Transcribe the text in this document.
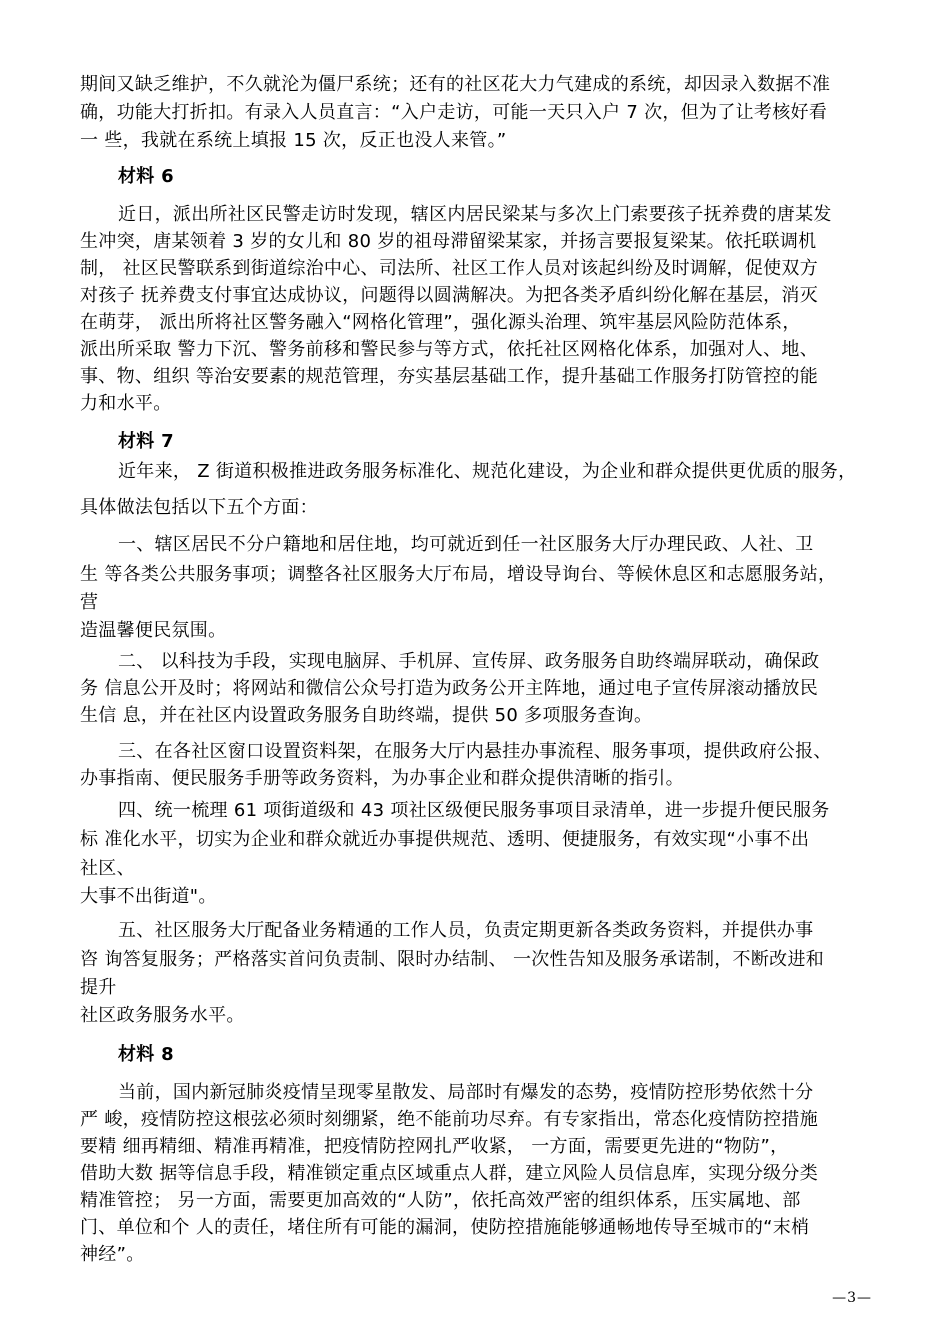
期间又缺乏维护，不久就沦为僵尸系统；还有的社区花大力气建成的系统，却因录入数据不准

确，功能大打折扣。有录入人员直言：“入户走访，可能一天只入户 7 次，但为了让考核好看

一 些，我就在系统上填报 15 次，反正也没人来管。”

材料 6

近日，派出所社区民警走访时发现，辖区内居民梁某与多次上门索要孩子抚养费的唐某发

生冲突，唐某领着 3 岁的女儿和 80 岁的祖母滞留梁某家，并扬言要报复梁某。依托联调机

制， 社区民警联系到街道综治中心、司法所、社区工作人员对该起纠纷及时调解，促使双方

对孩子 抚养费支付事宜达成协议，问题得以圆满解决。为把各类矛盾纠纷化解在基层，消灭

在萌芽， 派出所将社区警务融入“网格化管理”，强化源头治理、筑牢基层风险防范体系，

派出所采取 警力下沉、警务前移和警民参与等方式，依托社区网格化体系，加强对人、地、

事、物、组织 等治安要素的规范管理，夯实基层基础工作，提升基础工作服务打防管控的能

力和水平。

材料 7

近年来， Z 街道积极推进政务服务标准化、规范化建设，为企业和群众提供更优质的服务，

具体做法包括以下五个方面：

一、辖区居民不分户籍地和居住地，均可就近到任一社区服务大厅办理民政、人社、卫

生 等各类公共服务事项；调整各社区服务大厅布局，增设导询台、等候休息区和志愿服务站，

营

造温馨便民氛围。

二、 以科技为手段，实现电脑屏、手机屏、宣传屏、政务服务自助终端屏联动，确保政

务 信息公开及时；将网站和微信公众号打造为政务公开主阵地，通过电子宣传屏滚动播放民

生信 息，并在社区内设置政务服务自助终端，提供 50 多项服务查询。

三、在各社区窗口设置资料架，在服务大厅内悬挂办事流程、服务事项，提供政府公报、

办事指南、便民服务手册等政务资料，为办事企业和群众提供清晰的指引。

四、统一梳理 61 项街道级和 43 项社区级便民服务事项目录清单，进一步提升便民服务

标 准化水平，切实为企业和群众就近办事提供规范、透明、便捷服务，有效实现“小事不出

社区、

大事不出街道"。

五、社区服务大厅配备业务精通的工作人员，负责定期更新各类政务资料，并提供办事

咨 询答复服务；严格落实首问负责制、限时办结制、 一次性告知及服务承诺制，不断改进和

提升

社区政务服务水平。

材料 8

当前，国内新冠肺炎疫情呈现零星散发、局部时有爆发的态势，疫情防控形势依然十分

严 峻，疫情防控这根弦必须时刻绷紧，绝不能前功尽弃。有专家指出，常态化疫情防控措施

要精 细再精细、精准再精准，把疫情防控网扎严收紧， 一方面，需要更先进的“物防”，

借助大数 据等信息手段，精准锁定重点区域重点人群，建立风险人员信息库，实现分级分类

精准管控； 另一方面，需要更加高效的“人防”，依托高效严密的组织体系，压实属地、部

门、单位和个 人的责任，堵住所有可能的漏洞，使防控措施能够通畅地传导至城市的“末梢

神经”。

—3—
